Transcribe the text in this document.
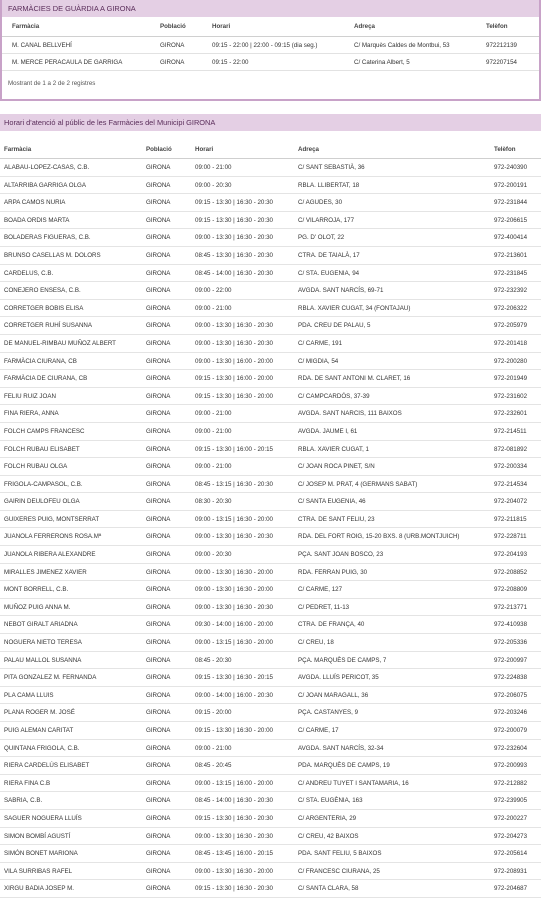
FARMÀCIES DE GUÀRDIA A GIRONA
Farmàcia	Població	Horari	Adreça	Telèfon
M. CANAL BELLVEHÍ	GIRONA	09:15 - 22:00 | 22:00 - 09:15 (dia seg.)	C/ Marquès Caldes de Montbui, 53	972212139
M. MERCE PERACAULA DE GARRIGA	GIRONA	09:15 - 22:00	C/ Caterina Albert, 5	972207154
Mostrant de 1 a 2 de 2 registres
Horari d'atenció al públic de les Farmàcies del Municipi GIRONA
Farmàcia	Població	Horari	Adreça	Telèfon
ALABAU-LOPEZ-CASAS, C.B.	GIRONA	09:00 - 21:00	C/ SANT SEBASTIÀ, 36	972-240390
ALTARRIBA GARRIGA OLGA	GIRONA	09:00 - 20:30	RBLA. LLIBERTAT, 18	972-200191
ARPA CAMOS NURIA	GIRONA	09:15 - 13:30 | 16:30 - 20:30	C/ AGUDES, 30	972-231844
BOADA ORDIS MARTA	GIRONA	09:15 - 13:30 | 16:30 - 20:30	C/ VILARROJA, 177	972-206615
BOLADERAS FIGUERAS, C.B.	GIRONA	09:00 - 13:30 | 16:30 - 20:30	PG. D' OLOT, 22	972-400414
BRUNSO CASELLAS M. DOLORS	GIRONA	08:45 - 13:30 | 16:30 - 20:30	CTRA. DE TAIALÀ, 17	972-213601
CARDELUS, C.B.	GIRONA	08:45 - 14:00 | 16:30 - 20:30	C/ STA. EUGENIA, 94	972-231845
CONEJERO ENSESA, C.B.	GIRONA	09:00 - 22:00	AVGDA. SANT NARCÍS, 69-71	972-232392
CORRETGER BOBIS ELISA	GIRONA	09:00 - 21:00	RBLA. XAVIER CUGAT, 34 (FONTAJAU)	972-206322
CORRETGER RUHÍ SUSANNA	GIRONA	09:00 - 13:30 | 16:30 - 20:30	PDA. CREU DE PALAU, 5	972-205979
DE MANUEL-RIMBAU MUÑOZ ALBERT	GIRONA	09:00 - 13:30 | 16:30 - 20:30	C/ CARME, 191	972-201418
FARMÀCIA CIURANA, CB	GIRONA	09:00 - 13:30 | 16:00 - 20:00	C/ MIGDIA, 54	972-200280
FARMÀCIA DE CIURANA, CB	GIRONA	09:15 - 13:30 | 16:00 - 20:00	RDA. DE SANT ANTONI M. CLARET, 16	972-201949
FELIU RUIZ JOAN	GIRONA	09:15 - 13:30 | 16:30 - 20:00	C/ CAMPCARDÓS, 37-39	972-231602
FINA RIERA, ANNA	GIRONA	09:00 - 21:00	AVGDA. SANT NARCIS, 111 BAIXOS	972-232601
FOLCH CAMPS FRANCESC	GIRONA	09:00 - 21:00	AVGDA. JAUME I, 61	972-214511
FOLCH RUBAU ELISABET	GIRONA	09:15 - 13:30 | 16:00 - 20:15	RBLA. XAVIER CUGAT, 1	872-081892
FOLCH RUBAU OLGA	GIRONA	09:00 - 21:00	C/ JOAN ROCA PINET, S/N	972-200334
FRIGOLA-CAMPASOL, C.B.	GIRONA	08:45 - 13:15 | 16:30 - 20:30	C/ JOSEP M. PRAT, 4 (GERMANS SABAT)	972-214534
GAIRIN DEULOFEU OLGA	GIRONA	08:30 - 20:30	C/ SANTA EUGENIA, 46	972-204072
GUIXERES PUIG, MONTSERRAT	GIRONA	09:00 - 13:15 | 16:30 - 20:00	CTRA. DE SANT FELIU, 23	972-211815
JUANOLA FERRERONS ROSA.Mª	GIRONA	09:00 - 13:30 | 16:30 - 20:30	RDA. DEL FORT ROIG, 15-20 BXS. 8 (URB.MONTJUICH)	972-228711
JUANOLA RIBERA ALEXANDRE	GIRONA	09:00 - 20:30	PÇA. SANT JOAN BOSCO, 23	972-204193
MIRALLES JIMENEZ XAVIER	GIRONA	09:00 - 13:30 | 16:30 - 20:00	RDA. FERRAN PUIG, 30	972-208852
MONT BORRELL, C.B.	GIRONA	09:00 - 13:30 | 16:30 - 20:00	C/ CARME, 127	972-208809
MUÑOZ PUIG ANNA M.	GIRONA	09:00 - 13:30 | 16:30 - 20:30	C/ PEDRET, 11-13	972-213771
NEBOT GIRALT ARIADNA	GIRONA	09:30 - 14:00 | 16:00 - 20:00	CTRA. DE FRANÇA, 40	972-410938
NOGUERA NIETO TERESA	GIRONA	09:00 - 13:15 | 16:30 - 20:00	C/ CREU, 18	972-205336
PALAU MALLOL SUSANNA	GIRONA	08:45 - 20:30	PÇA. MARQUÈS DE CAMPS, 7	972-200997
PITA GONZALEZ M. FERNANDA	GIRONA	09:15 - 13:30 | 16:30 - 20:15	AVGDA. LLUÍS PERICOT, 35	972-224838
PLA CAMA LLUIS	GIRONA	09:00 - 14:00 | 16:00 - 20:30	C/ JOAN MARAGALL, 36	972-206075
PLANA ROGER M. JOSÉ	GIRONA	09:15 - 20:00	PÇA. CASTANYES, 9	972-203246
PUIG ALEMAN CARITAT	GIRONA	09:15 - 13:30 | 16:30 - 20:00	C/ CARME, 17	972-200079
QUINTANA FRIGOLA, C.B.	GIRONA	09:00 - 21:00	AVGDA. SANT NARCÍS, 32-34	972-232604
RIERA CARDELÚS ELISABET	GIRONA	08:45 - 20:45	PDA. MARQUÈS DE CAMPS, 19	972-200993
RIERA FINA C.B	GIRONA	09:00 - 13:15 | 16:00 - 20:00	C/ ANDREU TUYET I SANTAMARIA, 16	972-212882
SABRIA, C.B.	GIRONA	08:45 - 14:00 | 16:30 - 20:30	C/ STA. EUGÈNIA, 163	972-239905
SAGUER NOGUERA LLUÍS	GIRONA	09:15 - 13:30 | 16:30 - 20:30	C/ ARGENTERIA, 29	972-200227
SIMON BOMBÍ AGUSTÍ	GIRONA	09:00 - 13:30 | 16:30 - 20:30	C/ CREU, 42 BAIXOS	972-204273
SIMÓN BONET MARIONA	GIRONA	08:45 - 13:45 | 16:00 - 20:15	PDA. SANT FELIU, 5 BAIXOS	972-205614
VILA SURRIBAS RAFEL	GIRONA	09:00 - 13:30 | 16:30 - 20:00	C/ FRANCESC CIURANA, 25	972-208931
XIRGU BADIA JOSEP M.	GIRONA	09:15 - 13:30 | 16:30 - 20:30	C/ SANTA CLARA, 58	972-204687
